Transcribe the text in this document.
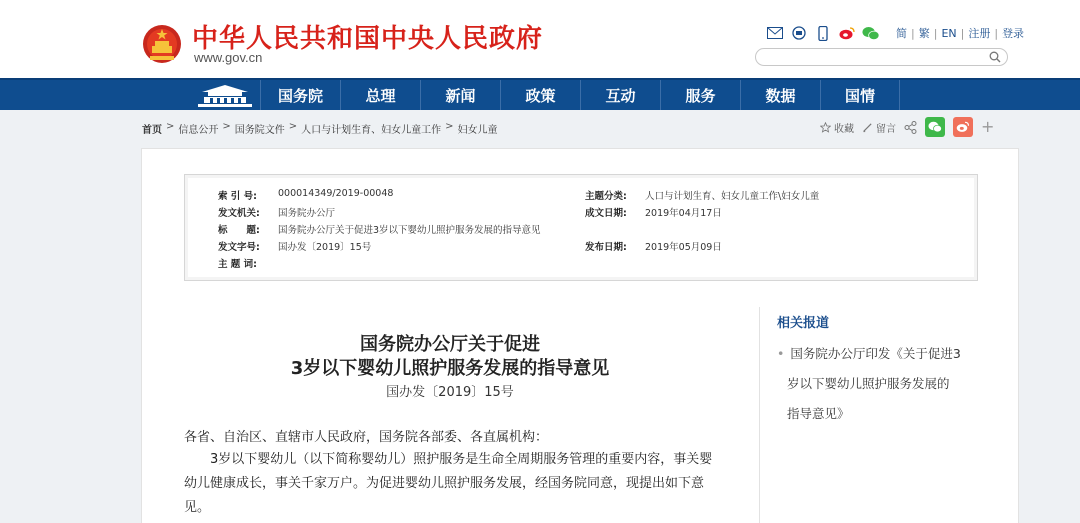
中华人民共和国中央人民政府
www.gov.cn
简 | 繁 | EN | 注册 | 登录
国务院	总理	新闻	政策	互动	服务	数据	国情
首页 > 信息公开 > 国务院文件 > 人口与计划生育、妇女儿童工作 > 妇女儿童	收藏 留言	+
索 引 号:	000014349/2019-00048	主题分类:	人口与计划生育、妇女儿童工作\妇女儿童
发文机关:	国务院办公厅	成文日期:	2019年04月17日
标　　题:	国务院办公厅关于促进3岁以下婴幼儿照护服务发展的指导意见
发文字号:	国办发〔2019〕15号	发布日期:	2019年05月09日
主 题 词:
国务院办公厅关于促进
3岁以下婴幼儿照护服务发展的指导意见
国办发〔2019〕15号
各省、自治区、直辖市人民政府，国务院各部委、各直属机构：
3岁以下婴幼儿（以下简称婴幼儿）照护服务是生命全周期服务管理的重要内容，事关婴
幼儿健康成长，事关千家万户。为促进婴幼儿照护服务发展，经国务院同意，现提出如下意
见。
相关报道
• 国务院办公厅印发《关于促进3
岁以下婴幼儿照护服务发展的
指导意见》
